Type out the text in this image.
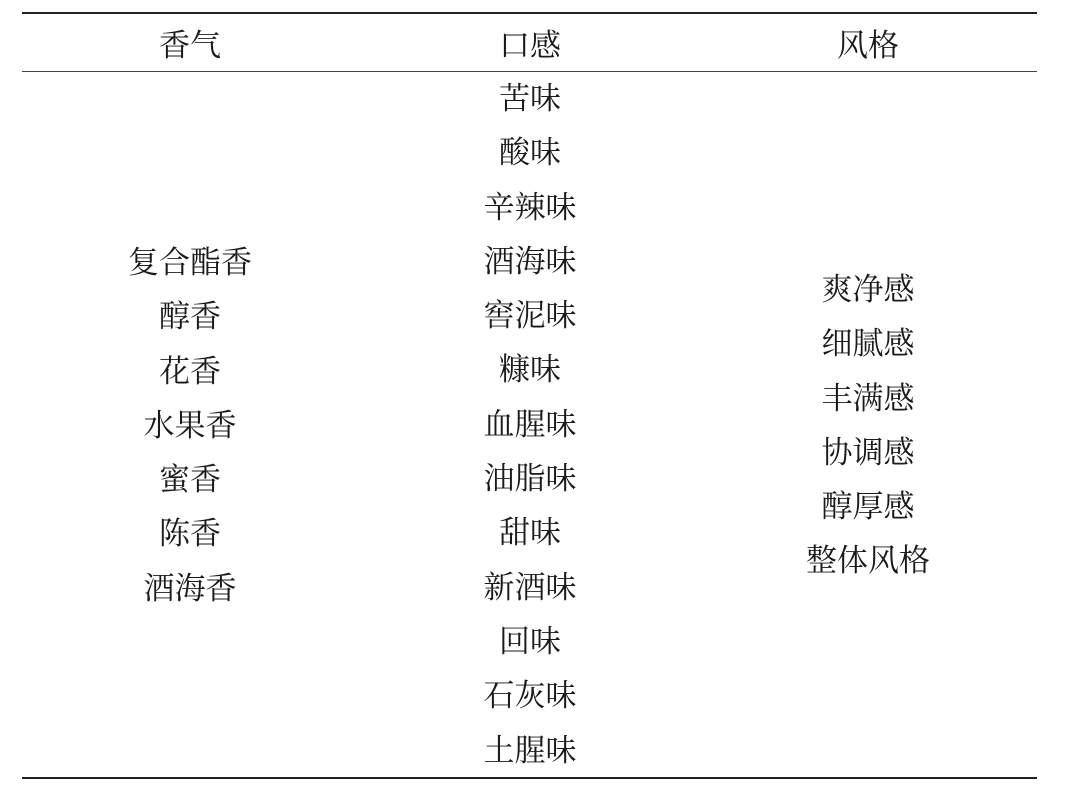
香气	口感	风格
复合酯香
醇香
花香
水果香
蜜香
陈香
酒海香
苦味
酸味
辛辣味
酒海味
窖泥味
糠味
血腥味
油脂味
甜味
新酒味
回味
石灰味
土腥味
爽净感
细腻感
丰满感
协调感
醇厚感
整体风格
